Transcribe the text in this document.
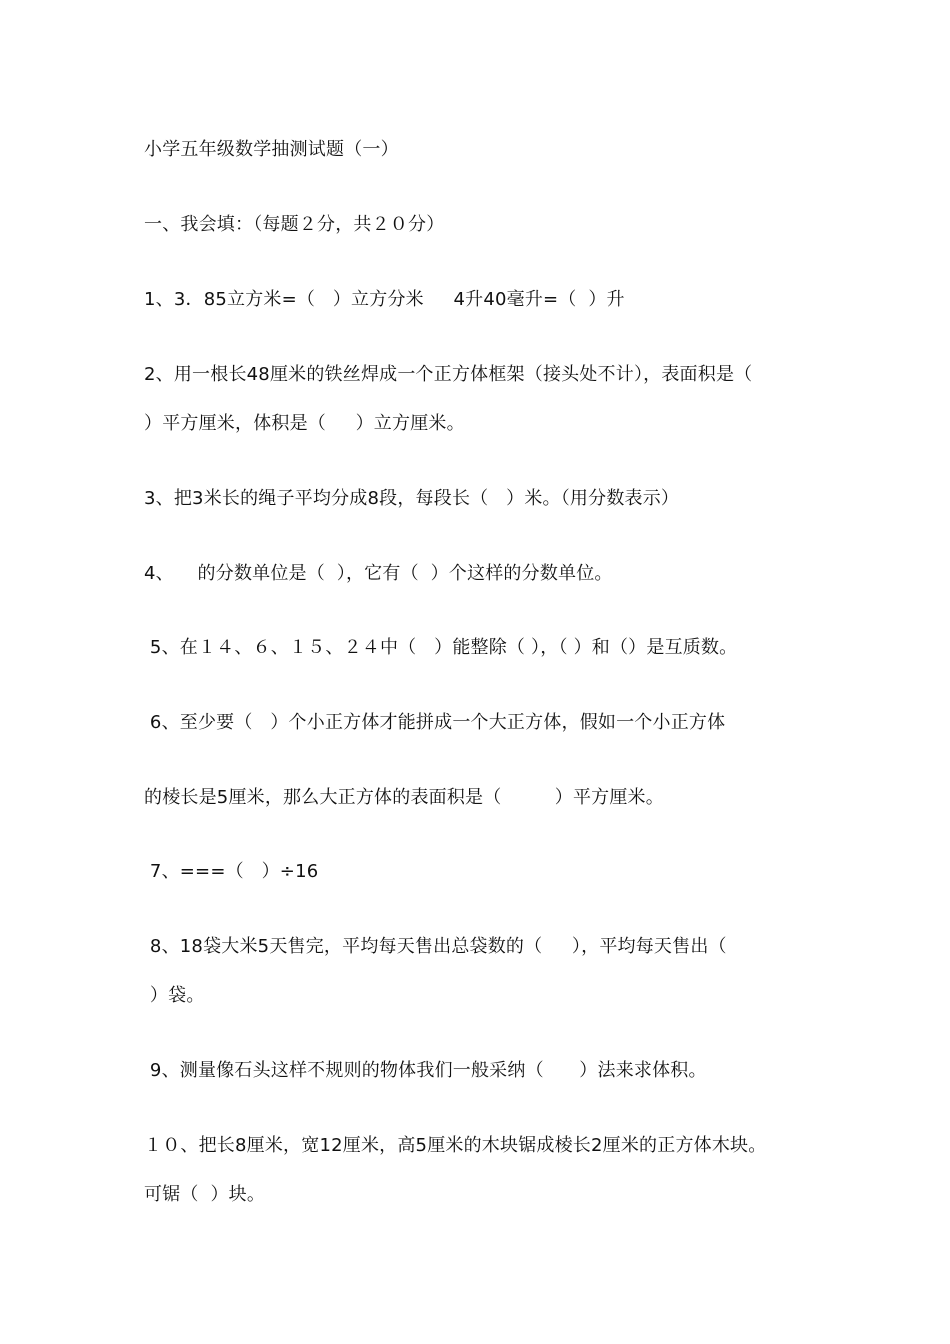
小学五年级数学抽测试题（一）
一、我会填：（每题２分，共２０分）
1、3．85立方米=（   ）立方分米     4升40毫升=（  ）升
2、用一根长48厘米的铁丝焊成一个正方体框架（接头处不计），表面积是（
）平方厘米，体积是（     ）立方厘米。
3、把3米长的绳子平均分成8段，每段长（   ）米。（用分数表示）
4、    的分数单位是（  ），它有（  ）个这样的分数单位。
5、在１４、６、１５、２４中（   ）能整除（ ），（ ）和（）是互质数。
6、至少要（   ）个小正方体才能拼成一个大正方体，假如一个小正方体
的棱长是5厘米，那么大正方体的表面积是（         ）平方厘米。
7、===（   ）÷16
8、18袋大米5天售完，平均每天售出总袋数的（     ），平均每天售出（
）袋。
9、测量像石头这样不规则的物体我们一般采纳（      ）法来求体积。
１０、把长8厘米，宽12厘米，高5厘米的木块锯成棱长2厘米的正方体木块。
可锯（  ）块。
